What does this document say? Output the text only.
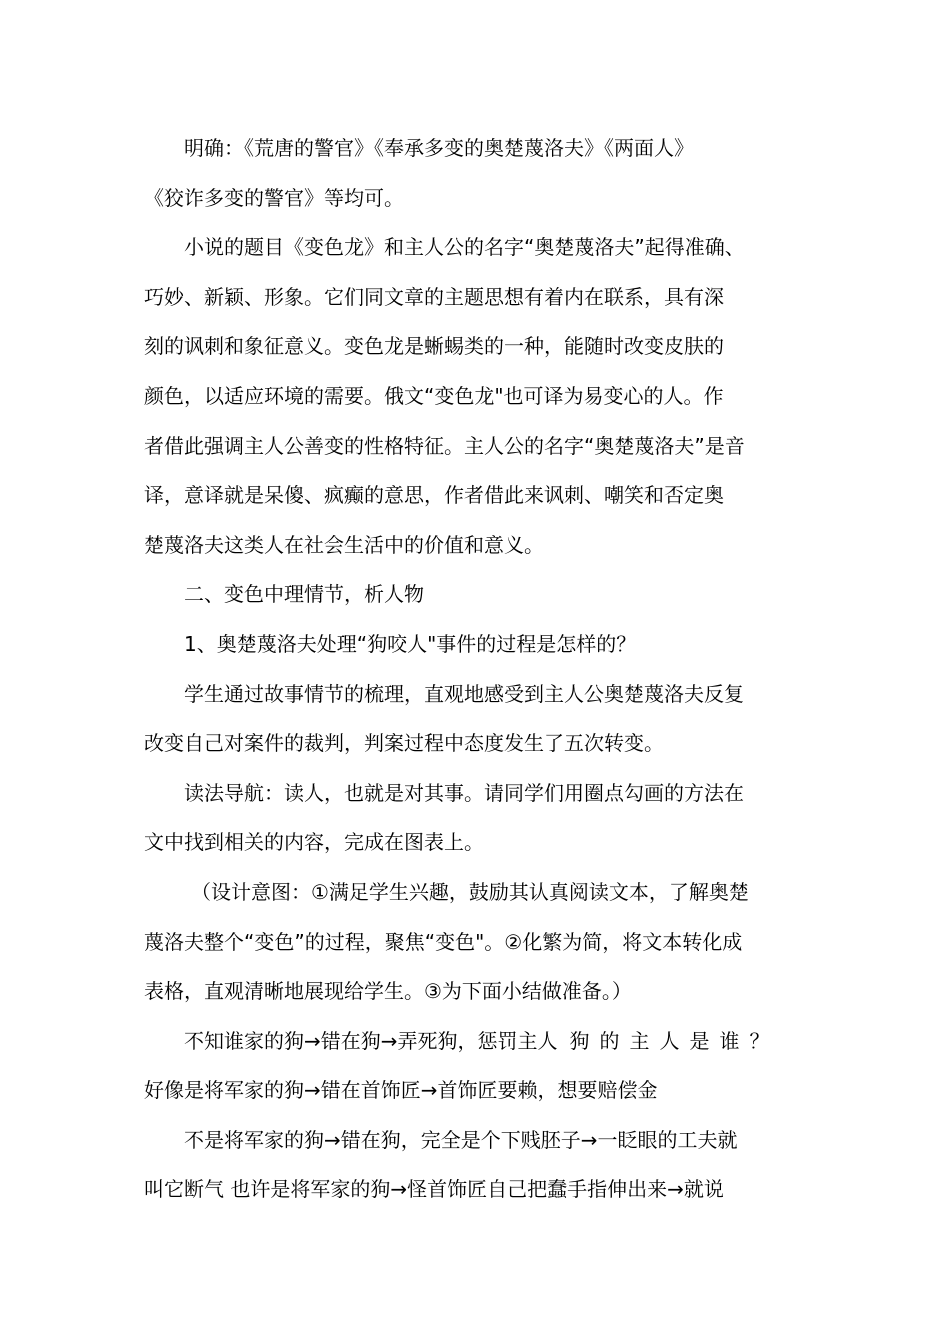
明确：《荒唐的警官》《奉承多变的奥楚蔑洛夫》《两面人》
《狡诈多变的警官》等均可。
小说的题目《变色龙》和主人公的名字“奥楚蔑洛夫”起得准确、
巧妙、新颖、形象。它们同文章的主题思想有着内在联系，具有深
刻的讽刺和象征意义。变色龙是蜥蜴类的一种，能随时改变皮肤的
颜色，以适应环境的需要。俄文“变色龙"也可译为易变心的人。作
者借此强调主人公善变的性格特征。主人公的名字“奥楚蔑洛夫”是音
译，意译就是呆傻、疯癫的意思，作者借此来讽刺、嘲笑和否定奥
楚蔑洛夫这类人在社会生活中的价值和意义。
二、变色中理情节，析人物
1、奥楚蔑洛夫处理“狗咬人"事件的过程是怎样的？
学生通过故事情节的梳理，直观地感受到主人公奥楚蔑洛夫反复
改变自己对案件的裁判，判案过程中态度发生了五次转变。
读法导航：读人，也就是对其事。请同学们用圈点勾画的方法在
文中找到相关的内容，完成在图表上。
（设计意图：①满足学生兴趣，鼓励其认真阅读文本，了解奥楚
蔑洛夫整个“变色”的过程，聚焦“变色"。②化繁为简，将文本转化成
表格，直观清晰地展现给学生。③为下面小结做准备。）
不知谁家的狗→错在狗→弄死狗，惩罚主人 狗的主人是谁？
好像是将军家的狗→错在首饰匠→首饰匠要赖，想要赔偿金
不是将军家的狗→错在狗，完全是个下贱胚子→一眨眼的工夫就
叫它断气 也许是将军家的狗→怪首饰匠自己把蠢手指伸出来→就说
